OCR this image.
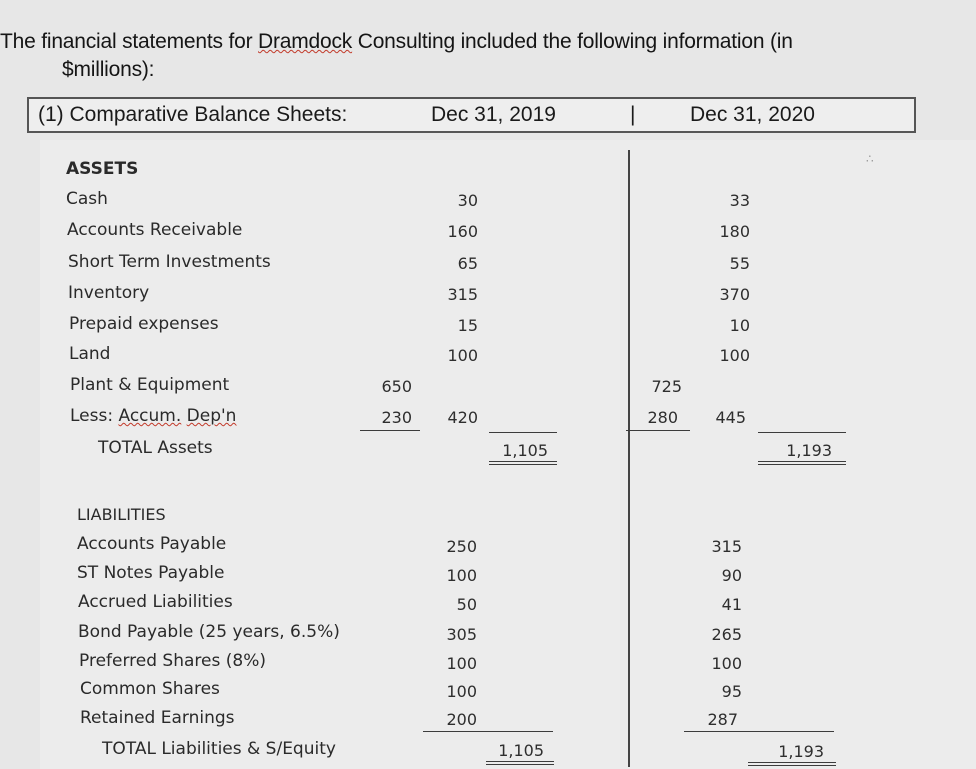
The financial statements for Dramdock Consulting included the following information (in
$millions):
(1) Comparative Balance Sheets:	Dec 31, 2019	|	Dec 31, 2020
∴
ASSETS
Cash	30	33
Accounts Receivable	160	180
Short Term Investments	65	55
Inventory	315	370
Prepaid expenses	15	10
Land	100	100
Plant & Equipment	650	725
Less: Accum. Dep'n	230	420	280	445
TOTAL Assets	1,105	1,193
LIABILITIES
Accounts Payable	250	315
ST Notes Payable	100	90
Accrued Liabilities	50	41
Bond Payable (25 years, 6.5%)	305	265
Preferred Shares (8%)	100	100
Common Shares	100	95
Retained Earnings	200	287
TOTAL Liabilities & S/Equity	1,105	1,193
